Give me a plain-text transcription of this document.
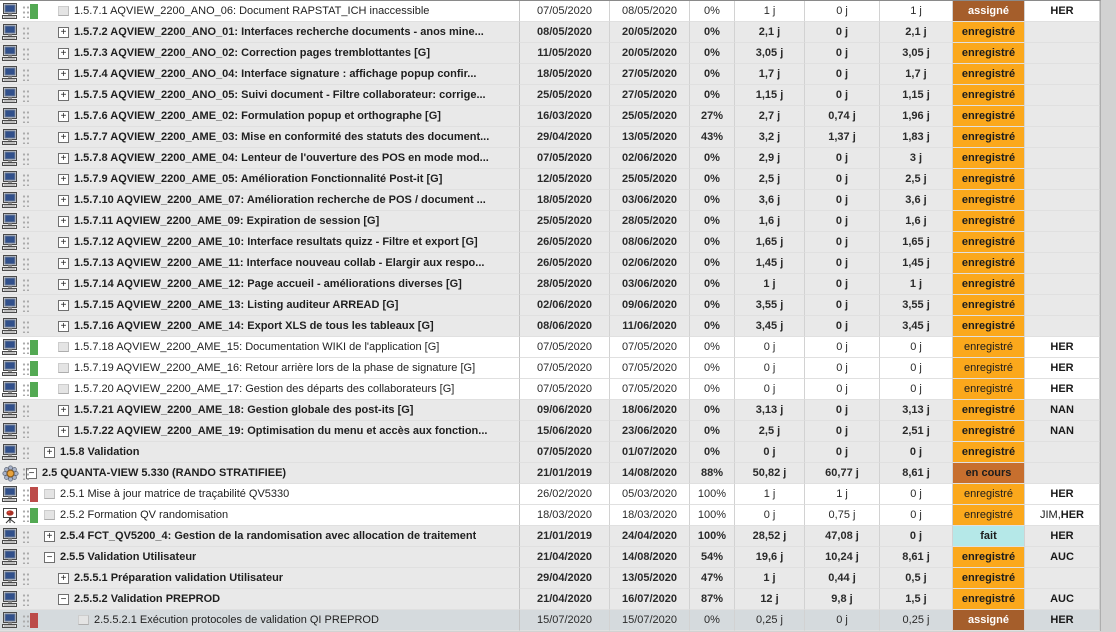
1.5.7.1 AQVIEW_2200_ANO_06: Document RAPSTAT_ICH inaccessible	07/05/2020	08/05/2020	0%	1 j	0 j	1 j	assigné	HER
+ 1.5.7.2 AQVIEW_2200_ANO_01: Interfaces recherche documents - anos mine...	08/05/2020	20/05/2020	0%	2,1 j	0 j	2,1 j	enregistré
+ 1.5.7.3 AQVIEW_2200_ANO_02: Correction pages tremblottantes [G]	11/05/2020	20/05/2020	0%	3,05 j	0 j	3,05 j	enregistré
+ 1.5.7.4 AQVIEW_2200_ANO_04: Interface signature : affichage popup confir...	18/05/2020	27/05/2020	0%	1,7 j	0 j	1,7 j	enregistré
+ 1.5.7.5 AQVIEW_2200_ANO_05: Suivi document - Filtre collaborateur: corrige...	25/05/2020	27/05/2020	0%	1,15 j	0 j	1,15 j	enregistré
+ 1.5.7.6 AQVIEW_2200_AME_02: Formulation popup et orthographe [G]	16/03/2020	25/05/2020	27%	2,7 j	0,74 j	1,96 j	enregistré
+ 1.5.7.7 AQVIEW_2200_AME_03: Mise en conformité des statuts des document...	29/04/2020	13/05/2020	43%	3,2 j	1,37 j	1,83 j	enregistré
+ 1.5.7.8 AQVIEW_2200_AME_04: Lenteur de l'ouverture des POS en mode mod...	07/05/2020	02/06/2020	0%	2,9 j	0 j	3 j	enregistré
+ 1.5.7.9 AQVIEW_2200_AME_05: Amélioration Fonctionnalité Post-it [G]	12/05/2020	25/05/2020	0%	2,5 j	0 j	2,5 j	enregistré
+ 1.5.7.10 AQVIEW_2200_AME_07: Amélioration recherche de POS / document ...	18/05/2020	03/06/2020	0%	3,6 j	0 j	3,6 j	enregistré
+ 1.5.7.11 AQVIEW_2200_AME_09: Expiration de session [G]	25/05/2020	28/05/2020	0%	1,6 j	0 j	1,6 j	enregistré
+ 1.5.7.12 AQVIEW_2200_AME_10: Interface resultats quizz - Filtre et export [G]	26/05/2020	08/06/2020	0%	1,65 j	0 j	1,65 j	enregistré
+ 1.5.7.13 AQVIEW_2200_AME_11: Interface nouveau collab - Elargir aux respo...	26/05/2020	02/06/2020	0%	1,45 j	0 j	1,45 j	enregistré
+ 1.5.7.14 AQVIEW_2200_AME_12: Page accueil - améliorations diverses [G]	28/05/2020	03/06/2020	0%	1 j	0 j	1 j	enregistré
+ 1.5.7.15 AQVIEW_2200_AME_13: Listing auditeur ARREAD [G]	02/06/2020	09/06/2020	0%	3,55 j	0 j	3,55 j	enregistré
+ 1.5.7.16 AQVIEW_2200_AME_14: Export XLS de tous les tableaux [G]	08/06/2020	11/06/2020	0%	3,45 j	0 j	3,45 j	enregistré
1.5.7.18 AQVIEW_2200_AME_15: Documentation WIKI de l'application [G]	07/05/2020	07/05/2020	0%	0 j	0 j	0 j	enregistré	HER
1.5.7.19 AQVIEW_2200_AME_16: Retour arrière lors de la phase de signature [G]	07/05/2020	07/05/2020	0%	0 j	0 j	0 j	enregistré	HER
1.5.7.20 AQVIEW_2200_AME_17: Gestion des départs des collaborateurs [G]	07/05/2020	07/05/2020	0%	0 j	0 j	0 j	enregistré	HER
+ 1.5.7.21 AQVIEW_2200_AME_18: Gestion globale des post-its [G]	09/06/2020	18/06/2020	0%	3,13 j	0 j	3,13 j	enregistré	NAN
+ 1.5.7.22 AQVIEW_2200_AME_19: Optimisation du menu et accès aux fonction...	15/06/2020	23/06/2020	0%	2,5 j	0 j	2,51 j	enregistré	NAN
+ 1.5.8 Validation	07/05/2020	01/07/2020	0%	0 j	0 j	0 j	enregistré
− 2.5 QUANTA-VIEW 5.330 (RANDO STRATIFIEE)	21/01/2019	14/08/2020	88%	50,82 j	60,77 j	8,61 j	en cours
2.5.1 Mise à jour matrice de traçabilité QV5330	26/02/2020	05/03/2020	100%	1 j	1 j	0 j	enregistré	HER
2.5.2 Formation QV randomisation	18/03/2020	18/03/2020	100%	0 j	0,75 j	0 j	enregistré	JIM, HER
+ 2.5.4 FCT_QV5200_4: Gestion de la randomisation avec allocation de traitement	21/01/2019	24/04/2020	100%	28,52 j	47,08 j	0 j	fait	HER
− 2.5.5 Validation Utilisateur	21/04/2020	14/08/2020	54%	19,6 j	10,24 j	8,61 j	enregistré	AUC
+ 2.5.5.1 Préparation validation Utilisateur	29/04/2020	13/05/2020	47%	1 j	0,44 j	0,5 j	enregistré
− 2.5.5.2 Validation PREPROD	21/04/2020	16/07/2020	87%	12 j	9,8 j	1,5 j	enregistré	AUC
2.5.5.2.1 Exécution protocoles de validation QI PREPROD	15/07/2020	15/07/2020	0%	0,25 j	0 j	0,25 j	assigné	HER
